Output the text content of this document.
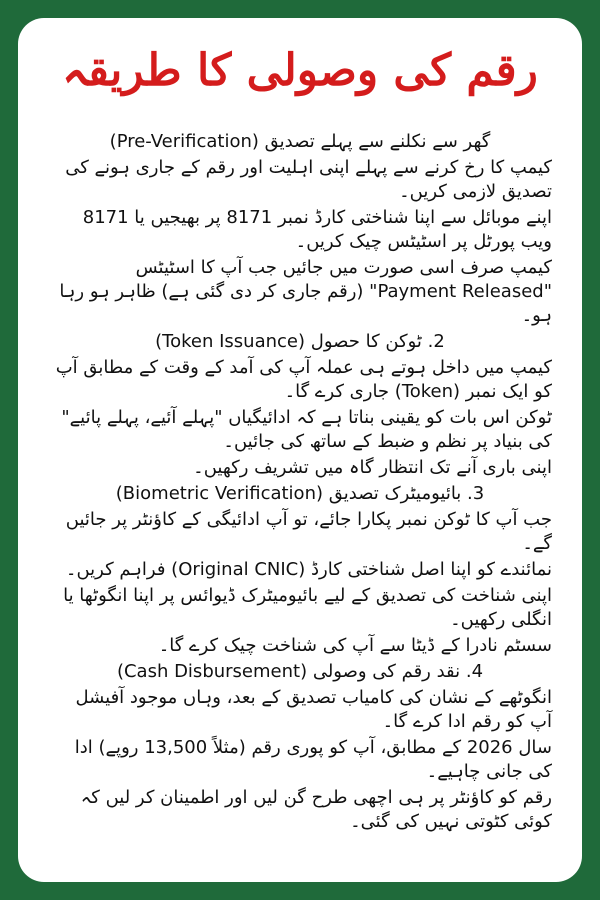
رقم کی وصولی کا طریقہ

گھر سے نکلنے سے پہلے تصدیق (Pre-Verification)

کیمپ کا رخ کرنے سے پہلے اپنی اہلیت اور رقم کے جاری ہونے کی تصدیق لازمی کریں۔

اپنے موبائل سے اپنا شناختی کارڈ نمبر 8171 پر بھیجیں یا 8171 ویب پورٹل پر اسٹیٹس چیک کریں۔

کیمپ صرف اسی صورت میں جائیں جب آپ کا اسٹیٹس "Payment Released" (رقم جاری کر دی گئی ہے) ظاہر ہو رہا ہو۔

2. ٹوکن کا حصول (Token Issuance)

کیمپ میں داخل ہوتے ہی عملہ آپ کی آمد کے وقت کے مطابق آپ کو ایک نمبر (Token) جاری کرے گا۔

ٹوکن اس بات کو یقینی بناتا ہے کہ ادائیگیاں "پہلے آئیے، پہلے پائیے" کی بنیاد پر نظم و ضبط کے ساتھ کی جائیں۔

اپنی باری آنے تک انتظار گاہ میں تشریف رکھیں۔

3. بائیومیٹرک تصدیق (Biometric Verification)

جب آپ کا ٹوکن نمبر پکارا جائے، تو آپ ادائیگی کے کاؤنٹر پر جائیں گے۔

نمائندے کو اپنا اصل شناختی کارڈ (Original CNIC) فراہم کریں۔

اپنی شناخت کی تصدیق کے لیے بائیومیٹرک ڈیوائس پر اپنا انگوٹھا یا انگلی رکھیں۔

سسٹم نادرا کے ڈیٹا سے آپ کی شناخت چیک کرے گا۔

4. نقد رقم کی وصولی (Cash Disbursement)

انگوٹھے کے نشان کی کامیاب تصدیق کے بعد، وہاں موجود آفیشل آپ کو رقم ادا کرے گا۔

سال 2026 کے مطابق، آپ کو پوری رقم (مثلاً 13,500 روپے) ادا کی جانی چاہیے۔

رقم کو کاؤنٹر پر ہی اچھی طرح گن لیں اور اطمینان کر لیں کہ کوئی کٹوتی نہیں کی گئی۔
